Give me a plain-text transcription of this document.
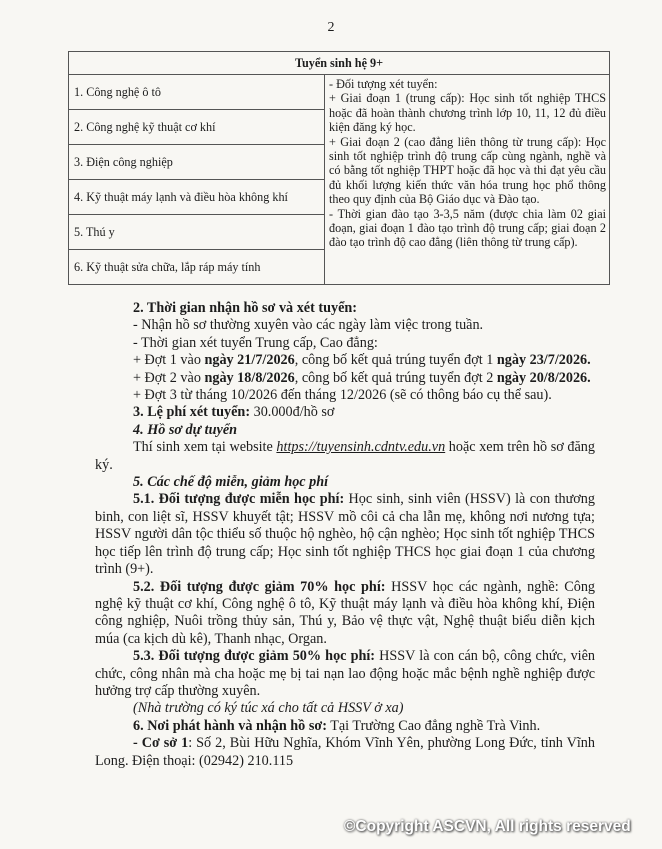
2
Tuyển sinh hệ 9+
1. Công nghệ ô tô	
- Đối tượng xét tuyển:
+ Giai đoạn 1 (trung cấp): Học sinh tốt nghiệp THCS hoặc đã hoàn thành chương trình lớp 10, 11, 12 đủ điều kiện đăng ký học.
+ Giai đoạn 2 (cao đẳng liên thông từ trung cấp): Học sinh tốt nghiệp trình độ trung cấp cùng ngành, nghề và có bằng tốt nghiệp THPT hoặc đã học và thi đạt yêu cầu đủ khối lượng kiến thức văn hóa trung học phổ thông theo quy định của Bộ Giáo dục và Đào tạo.
- Thời gian đào tạo 3-3,5 năm (được chia làm 02 giai đoạn, giai đoạn 1 đào tạo trình độ trung cấp; giai đoạn 2 đào tạo trình độ cao đẳng (liên thông từ trung cấp).

2. Công nghệ kỹ thuật cơ khí
3. Điện công nghiệp
4. Kỹ thuật máy lạnh và điều hòa không khí
5. Thú y
6. Kỹ thuật sửa chữa, lắp ráp máy tính

2. Thời gian nhận hồ sơ và xét tuyển:

- Nhận hồ sơ thường xuyên vào các ngày làm việc trong tuần.

- Thời gian xét tuyển Trung cấp, Cao đẳng:

+ Đợt 1 vào ngày 21/7/2026, công bố kết quả trúng tuyển đợt 1 ngày 23/7/2026.

+ Đợt 2 vào ngày 18/8/2026, công bố kết quả trúng tuyển đợt 2 ngày 20/8/2026.

+ Đợt 3 từ tháng 10/2026 đến tháng 12/2026 (sẽ có thông báo cụ thể sau).

3. Lệ phí xét tuyển: 30.000đ/hồ sơ

4. Hồ sơ dự tuyển

Thí sinh xem tại website https://tuyensinh.cdntv.edu.vn hoặc xem trên hồ sơ đăng ký.

5. Các chế độ miễn, giảm học phí

5.1. Đối tượng được miễn học phí: Học sinh, sinh viên (HSSV) là con thương binh, con liệt sĩ, HSSV khuyết tật; HSSV mồ côi cả cha lẫn mẹ, không nơi nương tựa; HSSV người dân tộc thiểu số thuộc hộ nghèo, hộ cận nghèo; Học sinh tốt nghiệp THCS học tiếp lên trình độ trung cấp; Học sinh tốt nghiệp THCS học giai đoạn 1 của chương trình (9+).

5.2. Đối tượng được giảm 70% học phí: HSSV học các ngành, nghề: Công nghệ kỹ thuật cơ khí, Công nghệ ô tô, Kỹ thuật máy lạnh và điều hòa không khí, Điện công nghiệp, Nuôi trồng thủy sản, Thú y, Bảo vệ thực vật, Nghệ thuật biểu diễn kịch múa (ca kịch dù kê), Thanh nhạc, Organ.

5.3. Đối tượng được giảm 50% học phí: HSSV là con cán bộ, công chức, viên chức, công nhân mà cha hoặc mẹ bị tai nạn lao động hoặc mắc bệnh nghề nghiệp được hưởng trợ cấp thường xuyên.

(Nhà trường có ký túc xá cho tất cả HSSV ở xa)

6. Nơi phát hành và nhận hồ sơ: Tại Trường Cao đẳng nghề Trà Vinh.

- Cơ sở 1: Số 2, Bùi Hữu Nghĩa, Khóm Vĩnh Yên, phường Long Đức, tỉnh Vĩnh Long. Điện thoại: (02942) 210.115

©Copyright ASCVN, All rights reserved
